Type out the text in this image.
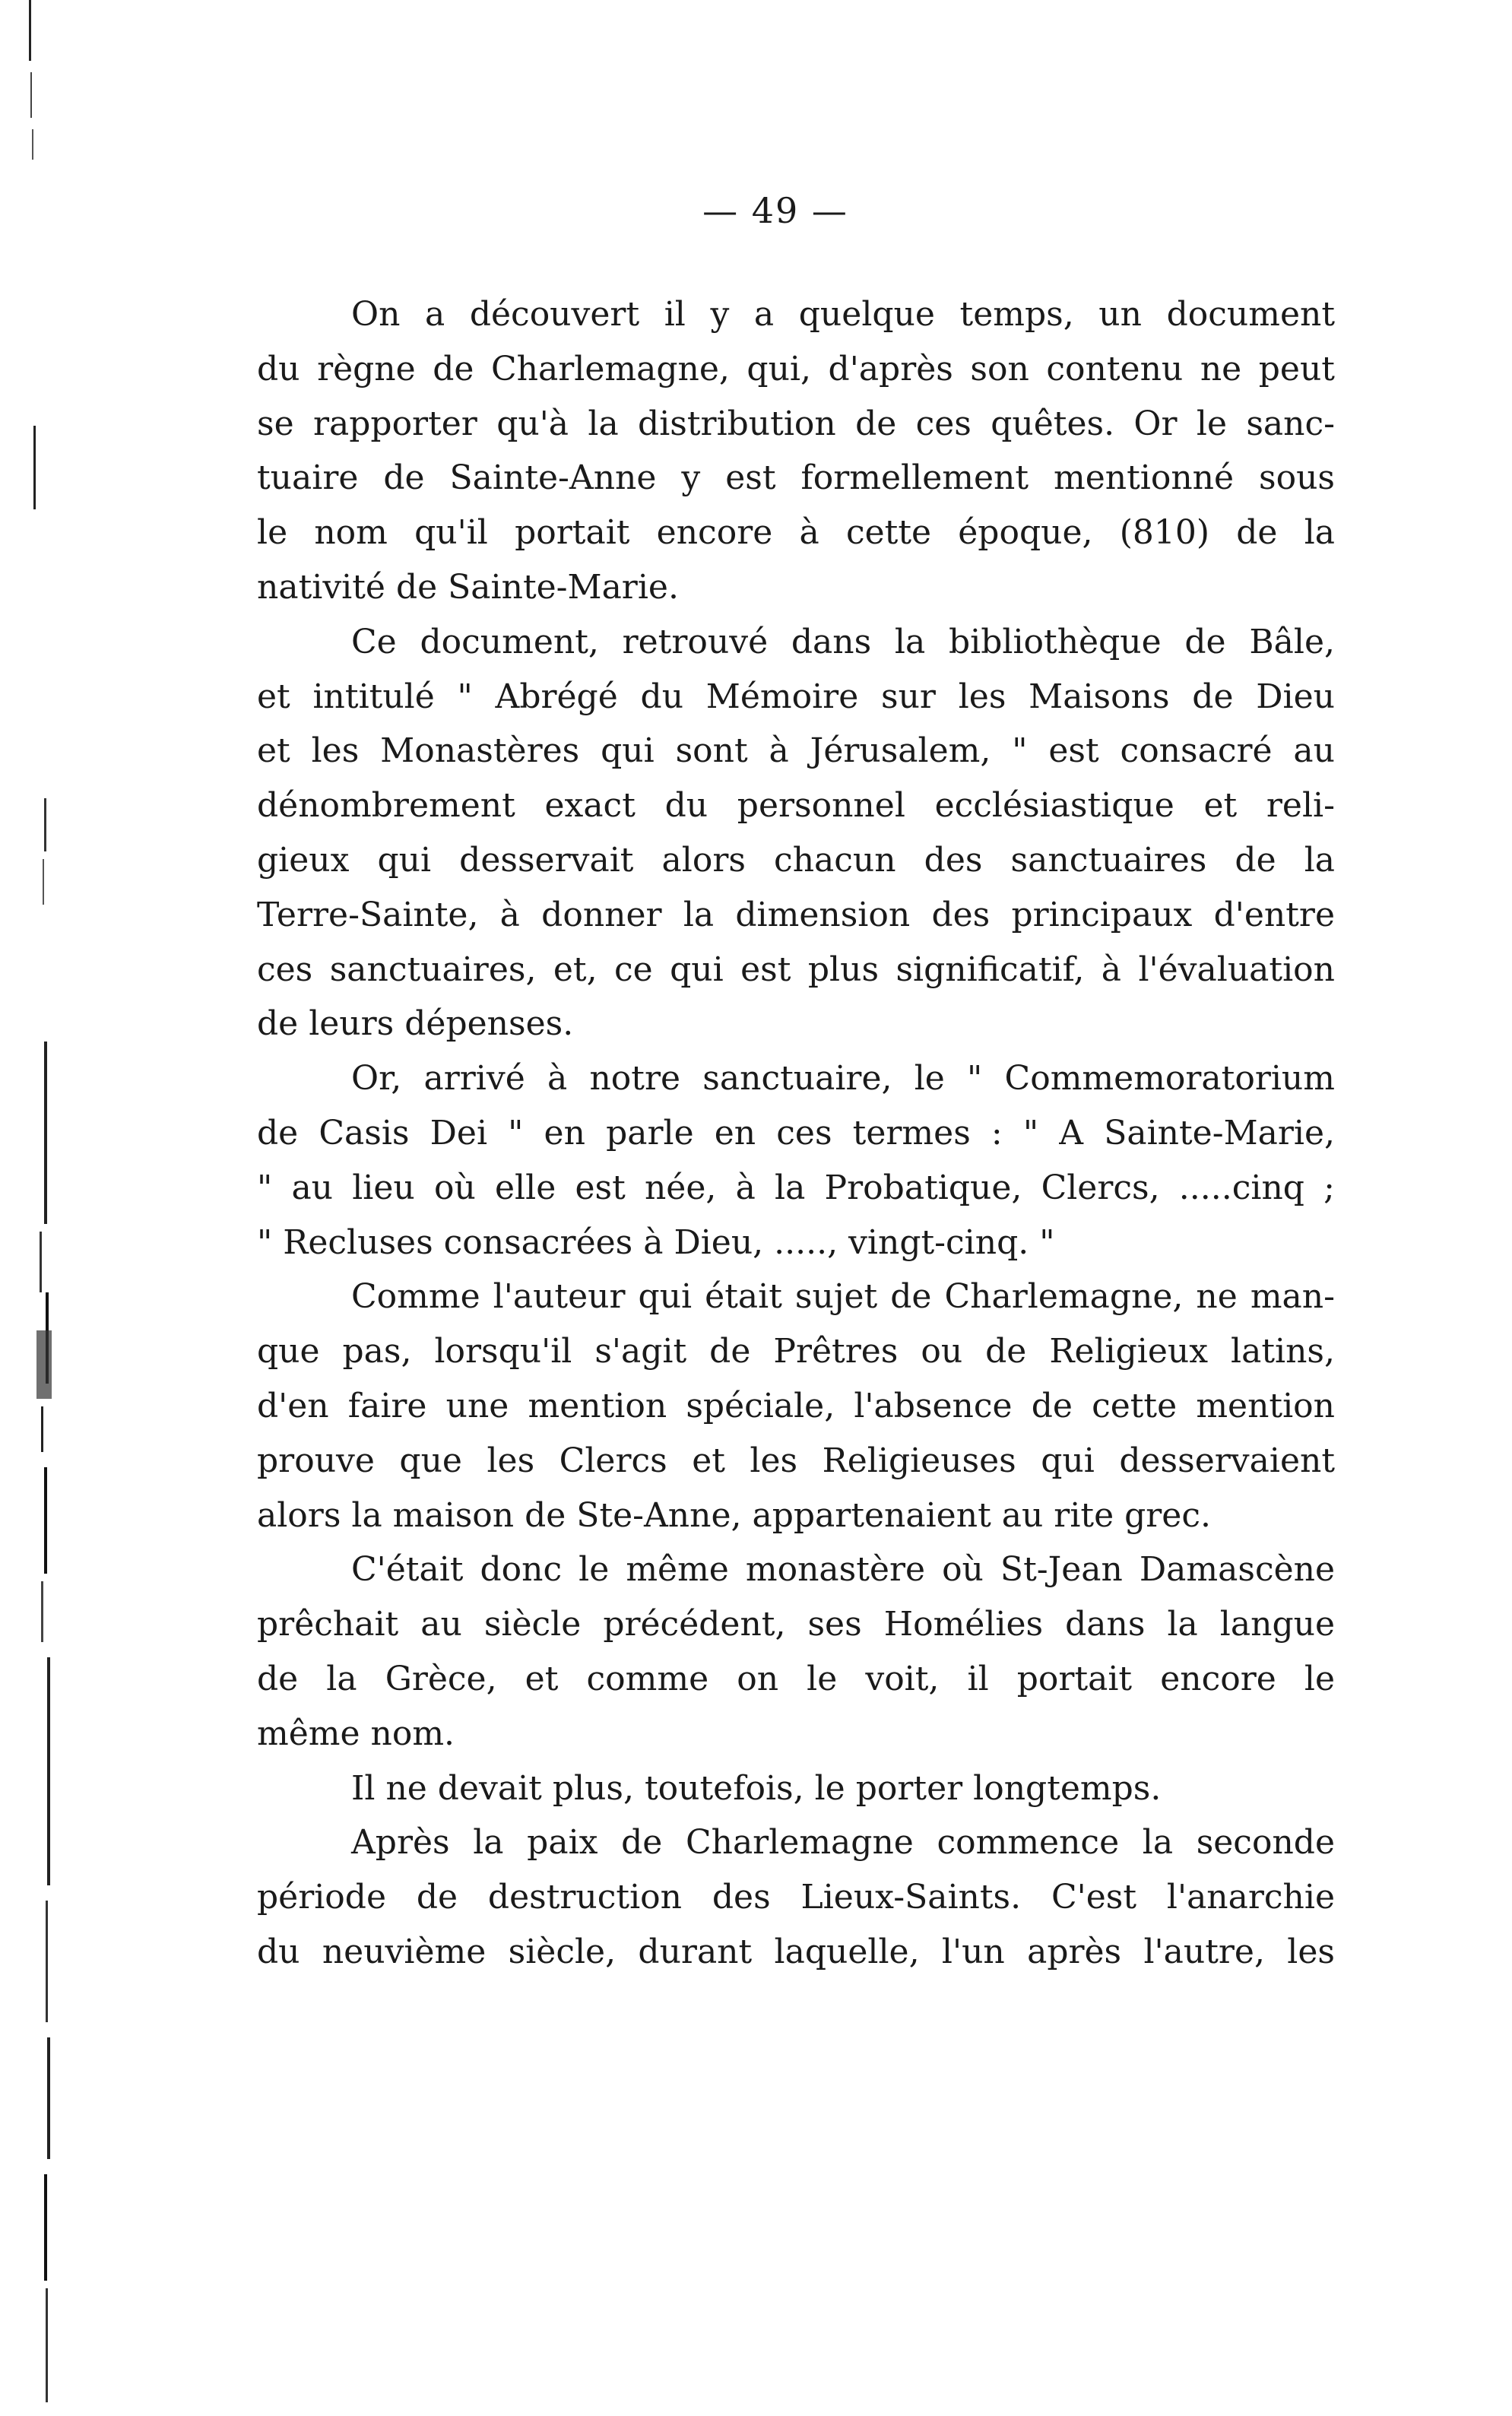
— 49 —

On a découvert il y a quelque temps, un document
du règne de Charlemagne, qui, d'après son contenu ne peut
se rapporter qu'à la distribution de ces quêtes. Or le sanc-
tuaire de Sainte-Anne y est formellement mentionné sous
le nom qu'il portait encore à cette époque, (810) de la
nativité de Sainte-Marie.

Ce document, retrouvé dans la bibliothèque de Bâle,
et intitulé " Abrégé du Mémoire sur les Maisons de Dieu
et les Monastères qui sont à Jérusalem, " est consacré au
dénombrement exact du personnel ecclésiastique et reli-
gieux qui desservait alors chacun des sanctuaires de la
Terre-Sainte, à donner la dimension des principaux d'entre
ces sanctuaires, et, ce qui est plus significatif, à l'évaluation
de leurs dépenses.

Or, arrivé à notre sanctuaire, le " Commemoratorium
de Casis Dei " en parle en ces termes : " A Sainte-Marie,
" au lieu où elle est née, à la Probatique, Clercs, .....cinq ;
" Recluses consacrées à Dieu, ....., vingt-cinq. "

Comme l'auteur qui était sujet de Charlemagne, ne man-
que pas, lorsqu'il s'agit de Prêtres ou de Religieux latins,
d'en faire une mention spéciale, l'absence de cette mention
prouve que les Clercs et les Religieuses qui desservaient
alors la maison de Ste-Anne, appartenaient au rite grec.

C'était donc le même monastère où St-Jean Damascène
prêchait au siècle précédent, ses Homélies dans la langue
de la Grèce, et comme on le voit, il portait encore le
même nom.

Il ne devait plus, toutefois, le porter longtemps.

Après la paix de Charlemagne commence la seconde
période de destruction des Lieux-Saints. C'est l'anarchie
du neuvième siècle, durant laquelle, l'un après l'autre, les
